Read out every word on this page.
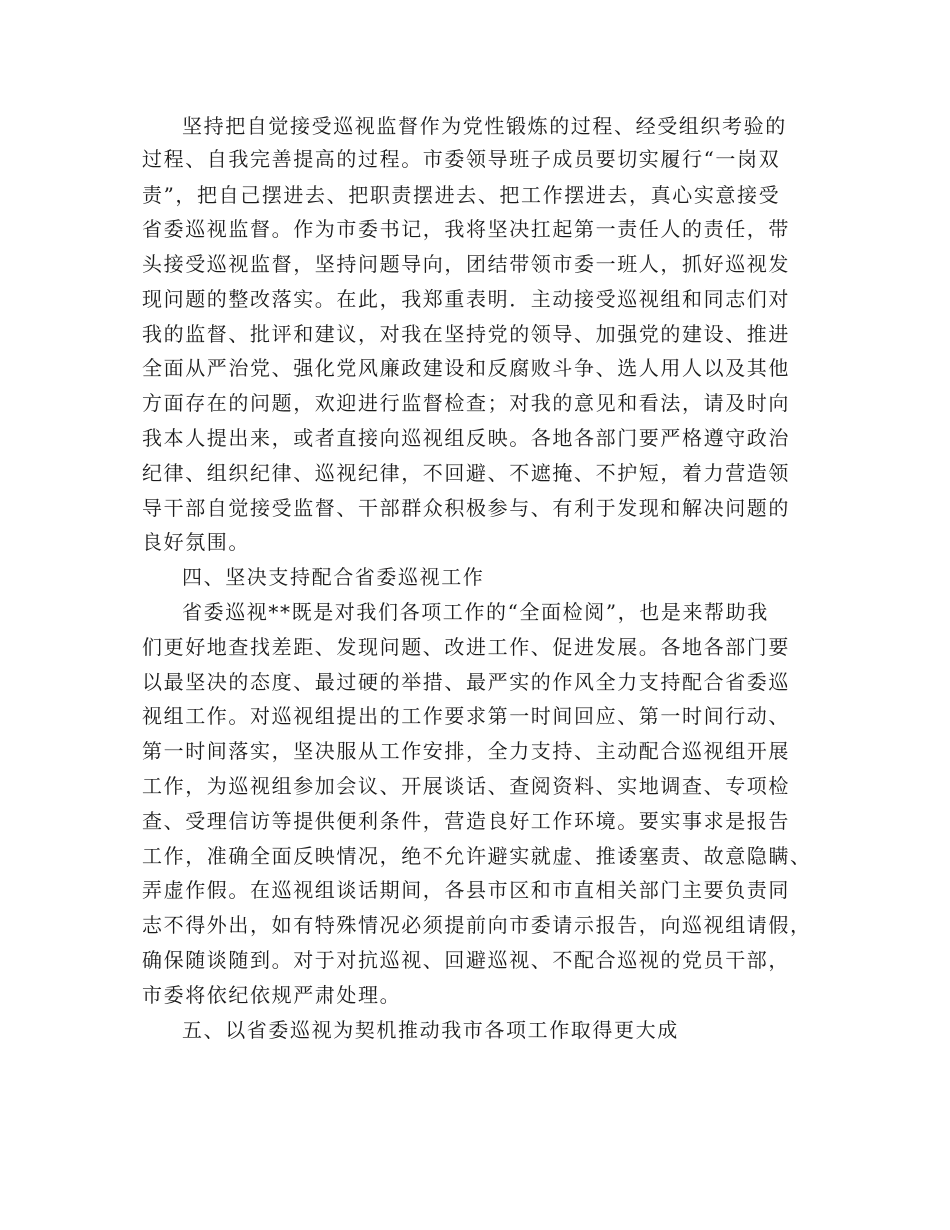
坚持把自觉接受巡视监督作为党性锻炼的过程、经受组织考验的

过程、自我完善提高的过程。市委领导班子成员要切实履行“一岗双

责”，把自己摆进去、把职责摆进去、把工作摆进去，真心实意接受

省委巡视监督。作为市委书记，我将坚决扛起第一责任人的责任，带

头接受巡视监督，坚持问题导向，团结带领市委一班人，抓好巡视发

现问题的整改落实。在此，我郑重表明．主动接受巡视组和同志们对

我的监督、批评和建议，对我在坚持党的领导、加强党的建设、推进

全面从严治党、强化党风廉政建设和反腐败斗争、选人用人以及其他

方面存在的问题，欢迎进行监督检查；对我的意见和看法，请及时向

我本人提出来，或者直接向巡视组反映。各地各部门要严格遵守政治

纪律、组织纪律、巡视纪律，不回避、不遮掩、不护短，着力营造领

导干部自觉接受监督、干部群众积极参与、有利于发现和解决问题的

良好氛围。

四、坚决支持配合省委巡视工作

省委巡视**既是对我们各项工作的“全面检阅”，也是来帮助我

们更好地查找差距、发现问题、改进工作、促进发展。各地各部门要

以最坚决的态度、最过硬的举措、最严实的作风全力支持配合省委巡

视组工作。对巡视组提出的工作要求第一时间回应、第一时间行动、

第一时间落实，坚决服从工作安排，全力支持、主动配合巡视组开展

工作，为巡视组参加会议、开展谈话、查阅资料、实地调查、专项检

查、受理信访等提供便利条件，营造良好工作环境。要实事求是报告

工作，准确全面反映情况，绝不允许避实就虚、推诿塞责、故意隐瞒、

弄虚作假。在巡视组谈话期间，各县市区和市直相关部门主要负责同

志不得外出，如有特殊情况必须提前向市委请示报告，向巡视组请假，

确保随谈随到。对于对抗巡视、回避巡视、不配合巡视的党员干部，

市委将依纪依规严肃处理。

五、以省委巡视为契机推动我市各项工作取得更大成
